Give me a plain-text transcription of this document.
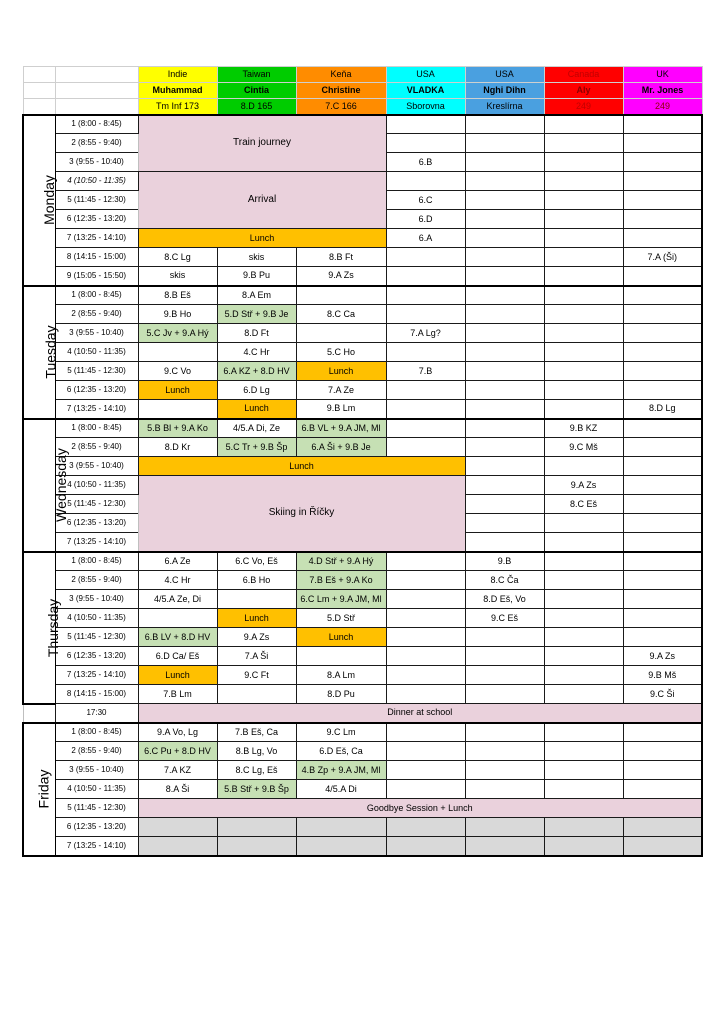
		Indie	Taiwan	Keňa	USA	USA	Canada	UK
		Muhammad	Cintia	Christine	VLADKA	Nghi Dihn	Aly	Mr. Jones
		Tm Inf 173	8.D 165	7.C 166	Sborovna	Kreslírna	249	249
Monday	1 (8:00 - 8:45)	Train journey						
	2 (8:55 - 9:40)							
	3 (9:55 - 10:40)				6.B			
	4 (10:50 - 11:35)	Arrival						
	5 (11:45 - 12:30)				6.C			
	6 (12:35 - 13:20)				6.D			
	7 (13:25 - 14:10)	Lunch			6.A			
	8 (14:15 - 15:00)	8.C Lg	skis	8.B Ft				7.A (Ši)
	9 (15:05 - 15:50)	skis	9.B Pu	9.A Zs				
Tuesday	1 (8:00 - 8:45)	8.B Eš	8.A Em					
	2 (8:55 - 9:40)	9.B Ho	5.D Stř + 9.B Je	8.C Ca				
	3 (9:55 - 10:40)	5.C Jv + 9.A Hý	8.D Ft		7.A Lg?			
	4 (10:50 - 11:35)		4.C Hr	5.C Ho				
	5 (11:45 - 12:30)	9.C Vo	6.A KZ + 8.D HV	Lunch	7.B			
	6 (12:35 - 13:20)	Lunch	6.D Lg	7.A Ze				
	7 (13:25 - 14:10)		Lunch	9.B Lm				8.D Lg
Wednesday	1 (8:00 - 8:45)	5.B Bl + 9.A Ko	4/5.A Di, Ze	6.B VL + 9.A JM, Ml			9.B KZ	
	2 (8:55 - 9:40)	8.D Kr	5.C Tr + 9.B Šp	6.A Ši + 9.B Je			9.C Mš	
	3 (9:55 - 10:40)	Lunch						
	4 (10:50 - 11:35)	Skiing in Říčky					9.A Zs	
	5 (11:45 - 12:30)						8.C Eš	
	6 (12:35 - 13:20)							
	7 (13:25 - 14:10)							
Thursday	1 (8:00 - 8:45)	6.A Ze	6.C Vo, Eš	4.D Stř + 9.A Hý		9.B		
	2 (8:55 - 9:40)	4.C Hr	6.B Ho	7.B Eš + 9.A Ko		8.C Ča		
	3 (9:55 - 10:40)	4/5.A Ze, Di		6.C Lm + 9.A JM, Ml		8.D Eš, Vo		
	4 (10:50 - 11:35)		Lunch	5.D Stř		9.C Eš		
	5 (11:45 - 12:30)	6.B LV + 8.D HV	9.A Zs	Lunch				
	6 (12:35 - 13:20)	6.D Ca/ Eš	7.A Ši					9.A Zs
	7 (13:25 - 14:10)	Lunch	9.C Ft	8.A Lm				9.B Mš
	8 (14:15 - 15:00)	7.B Lm		8.D Pu				9.C Ši
	17:30	Dinner at school						
Friday	1 (8:00 - 8:45)	9.A Vo, Lg	7.B Eš, Ca	9.C Lm				
	2 (8:55 - 9:40)	6.C Pu + 8.D HV	8.B Lg, Vo	6.D Eš, Ca				
	3 (9:55 - 10:40)	7.A KZ	8.C Lg, Eš	4.B Zp + 9.A JM, Ml				
	4 (10:50 - 11:35)	8.A Ši	5.B Stř + 9.B Šp	4/5.A Di				
	5 (11:45 - 12:30)	Goodbye Session + Lunch						
	6 (12:35 - 13:20)							
	7 (13:25 - 14:10)							
